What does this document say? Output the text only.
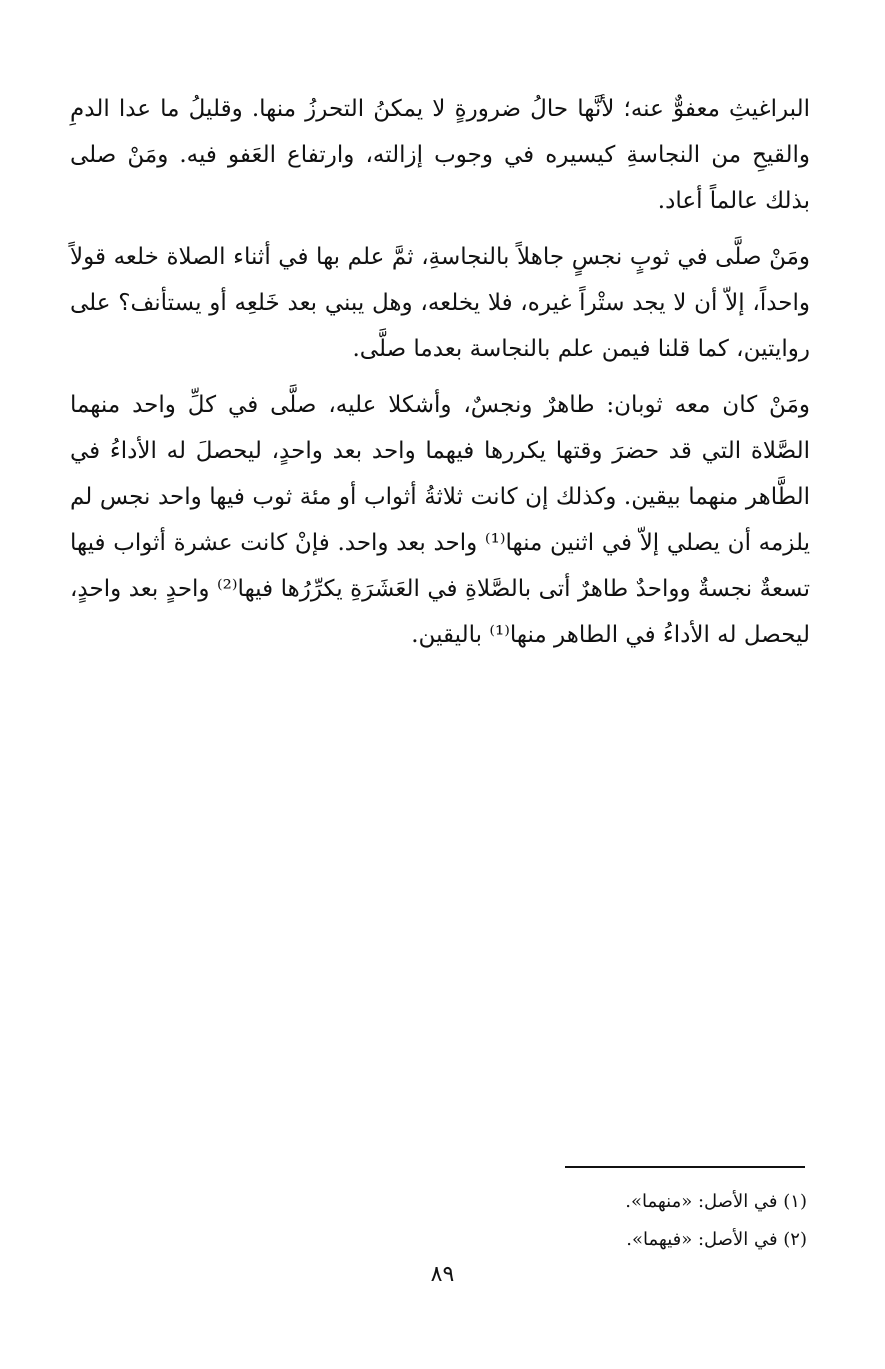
البراغيثِ معفوٌّ عنه؛ لأنَّها حالُ ضرورةٍ لا يمكنُ التحرزُ منها. وقليلُ ما عدا الدمِ والقيحِ من النجاسةِ كيسيره في وجوب إزالته، وارتفاع العَفو فيه. ومَنْ صلى بذلك عالماً أعاد.

ومَنْ صلَّى في ثوبٍ نجسٍ جاهلاً بالنجاسةِ، ثمَّ علم بها في أثناء الصلاة خلعه قولاً واحداً، إلاّ أن لا يجد ستْراً غيره، فلا يخلعه، وهل يبني بعد خَلعِه أو يستأنف؟ على روايتين، كما قلنا فيمن علم بالنجاسة بعدما صلَّى.

ومَنْ كان معه ثوبان: طاهرٌ ونجسٌ، وأشكلا عليه، صلَّى في كلِّ واحد منهما الصَّلاة التي قد حضرَ وقتها يكررها فيهما واحد بعد واحدٍ، ليحصلَ له الأداءُ في الطَّاهر منهما بيقين. وكذلك إن كانت ثلاثةُ أثواب أو مئة ثوب فيها واحد نجس لم يلزمه أن يصلي إلاّ في اثنين منها⁽¹⁾ واحد بعد واحد. فإنْ كانت عشرة أثواب فيها تسعةٌ نجسةٌ وواحدٌ طاهرٌ أتى بالصَّلاةِ في العَشَرَةِ يكرِّرُها فيها⁽²⁾ واحدٍ بعد واحدٍ، ليحصل له الأداءُ في الطاهر منها⁽¹⁾ باليقين.

(١) في الأصل: «منهما».

(٢) في الأصل: «فيهما».

٨٩
